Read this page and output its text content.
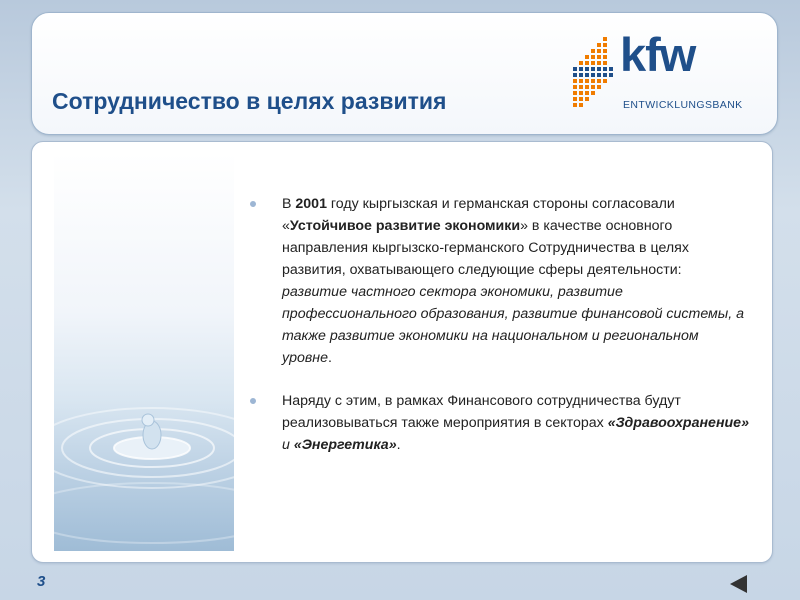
Сотрудничество в целях развития
kfw
ENTWICKLUNGSBANK
В 2001 году кыргызская и германская стороны согласовали «Устойчивое развитие экономики» в качестве основного направления кыргызско-германского Сотрудничества в целях развития, охватывающего следующие сферы деятельности: развитие частного сектора экономики, развитие профессионального образования, развитие финансовой системы, а также развитие экономики на национальном и региональном уровне.
Наряду с этим, в рамках Финансового сотрудничества будут реализовываться также мероприятия в секторах «Здравоохранение» и «Энергетика».
3
